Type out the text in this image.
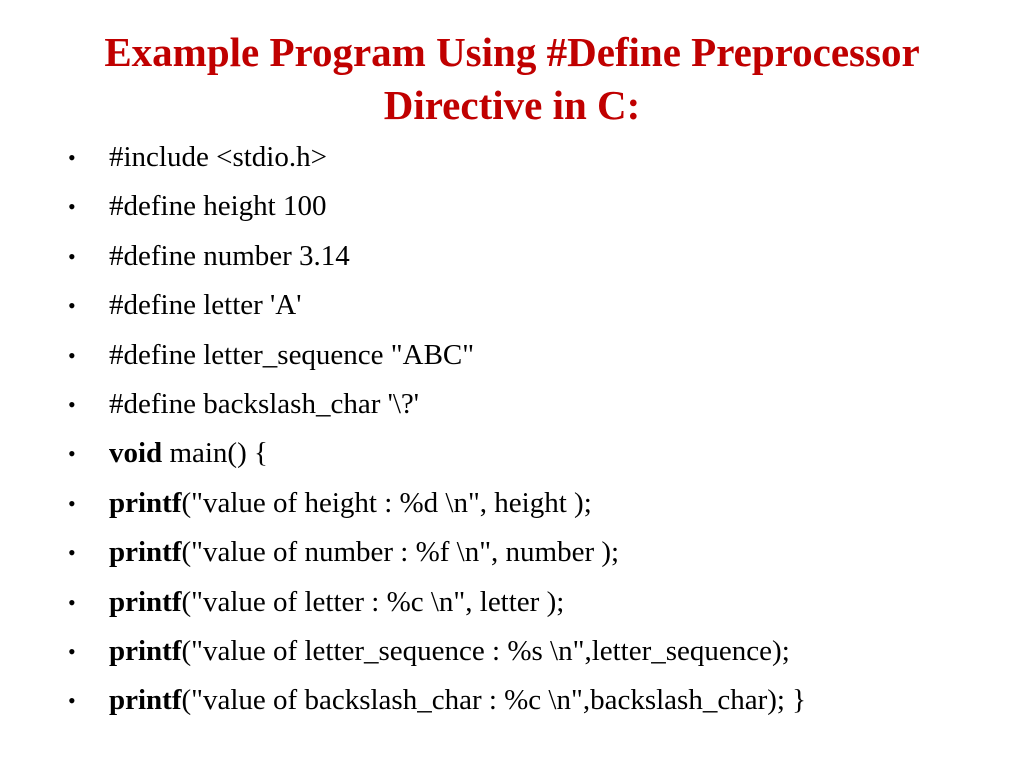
Example Program Using #Define Preprocessor
Directive in C:
• #include <stdio.h>
• #define height 100
• #define number 3.14
• #define letter 'A'
• #define letter_sequence "ABC"
• #define backslash_char '\?'
• void main() {
• printf("value of height : %d \n", height );
• printf("value of number : %f \n", number );
• printf("value of letter : %c \n", letter );
• printf("value of letter_sequence : %s \n",letter_sequence);
• printf("value of backslash_char : %c \n",backslash_char); }
